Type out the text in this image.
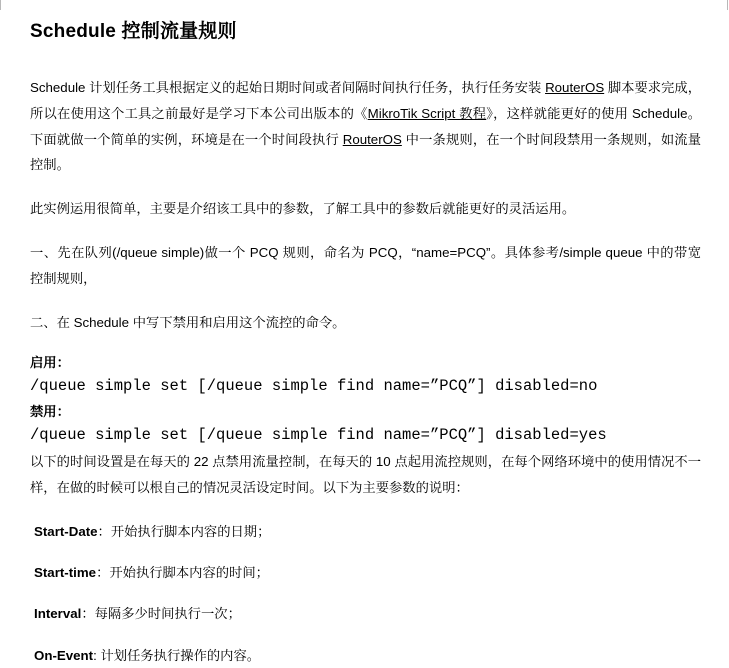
Schedule 控制流量规则

Schedule 计划任务工具根据定义的起始日期时间或者间隔时间执行任务，执行任务安装 RouterOS 脚本要求完成，所以在使用这个工具之前最好是学习下本公司出版本的《MikroTik Script 教程》，这样就能更好的使用 Schedule。下面就做一个简单的实例，环境是在一个时间段执行 RouterOS 中一条规则，在一个时间段禁用一条规则，如流量控制。

此实例运用很简单，主要是介绍该工具中的参数，了解工具中的参数后就能更好的灵活运用。

一、先在队列(/queue simple)做一个 PCQ 规则，命名为 PCQ，“name=PCQ”。具体参考/simple queue 中的带宽控制规则，

二、在 Schedule 中写下禁用和启用这个流控的命令。

启用：
/queue simple set [/queue simple find name=”PCQ”] disabled=no
禁用：
/queue simple set [/queue simple find name=”PCQ”] disabled=yes

以下的时间设置是在每天的 22 点禁用流量控制，在每天的 10 点起用流控规则，在每个网络环境中的使用情况不一样，在做的时候可以根自己的情况灵活设定时间。以下为主要参数的说明：

Start-Date：开始执行脚本内容的日期；
Start-time：开始执行脚本内容的时间；
Interval：每隔多少时间执行一次；
On-Event: 计划任务执行操作的内容。
